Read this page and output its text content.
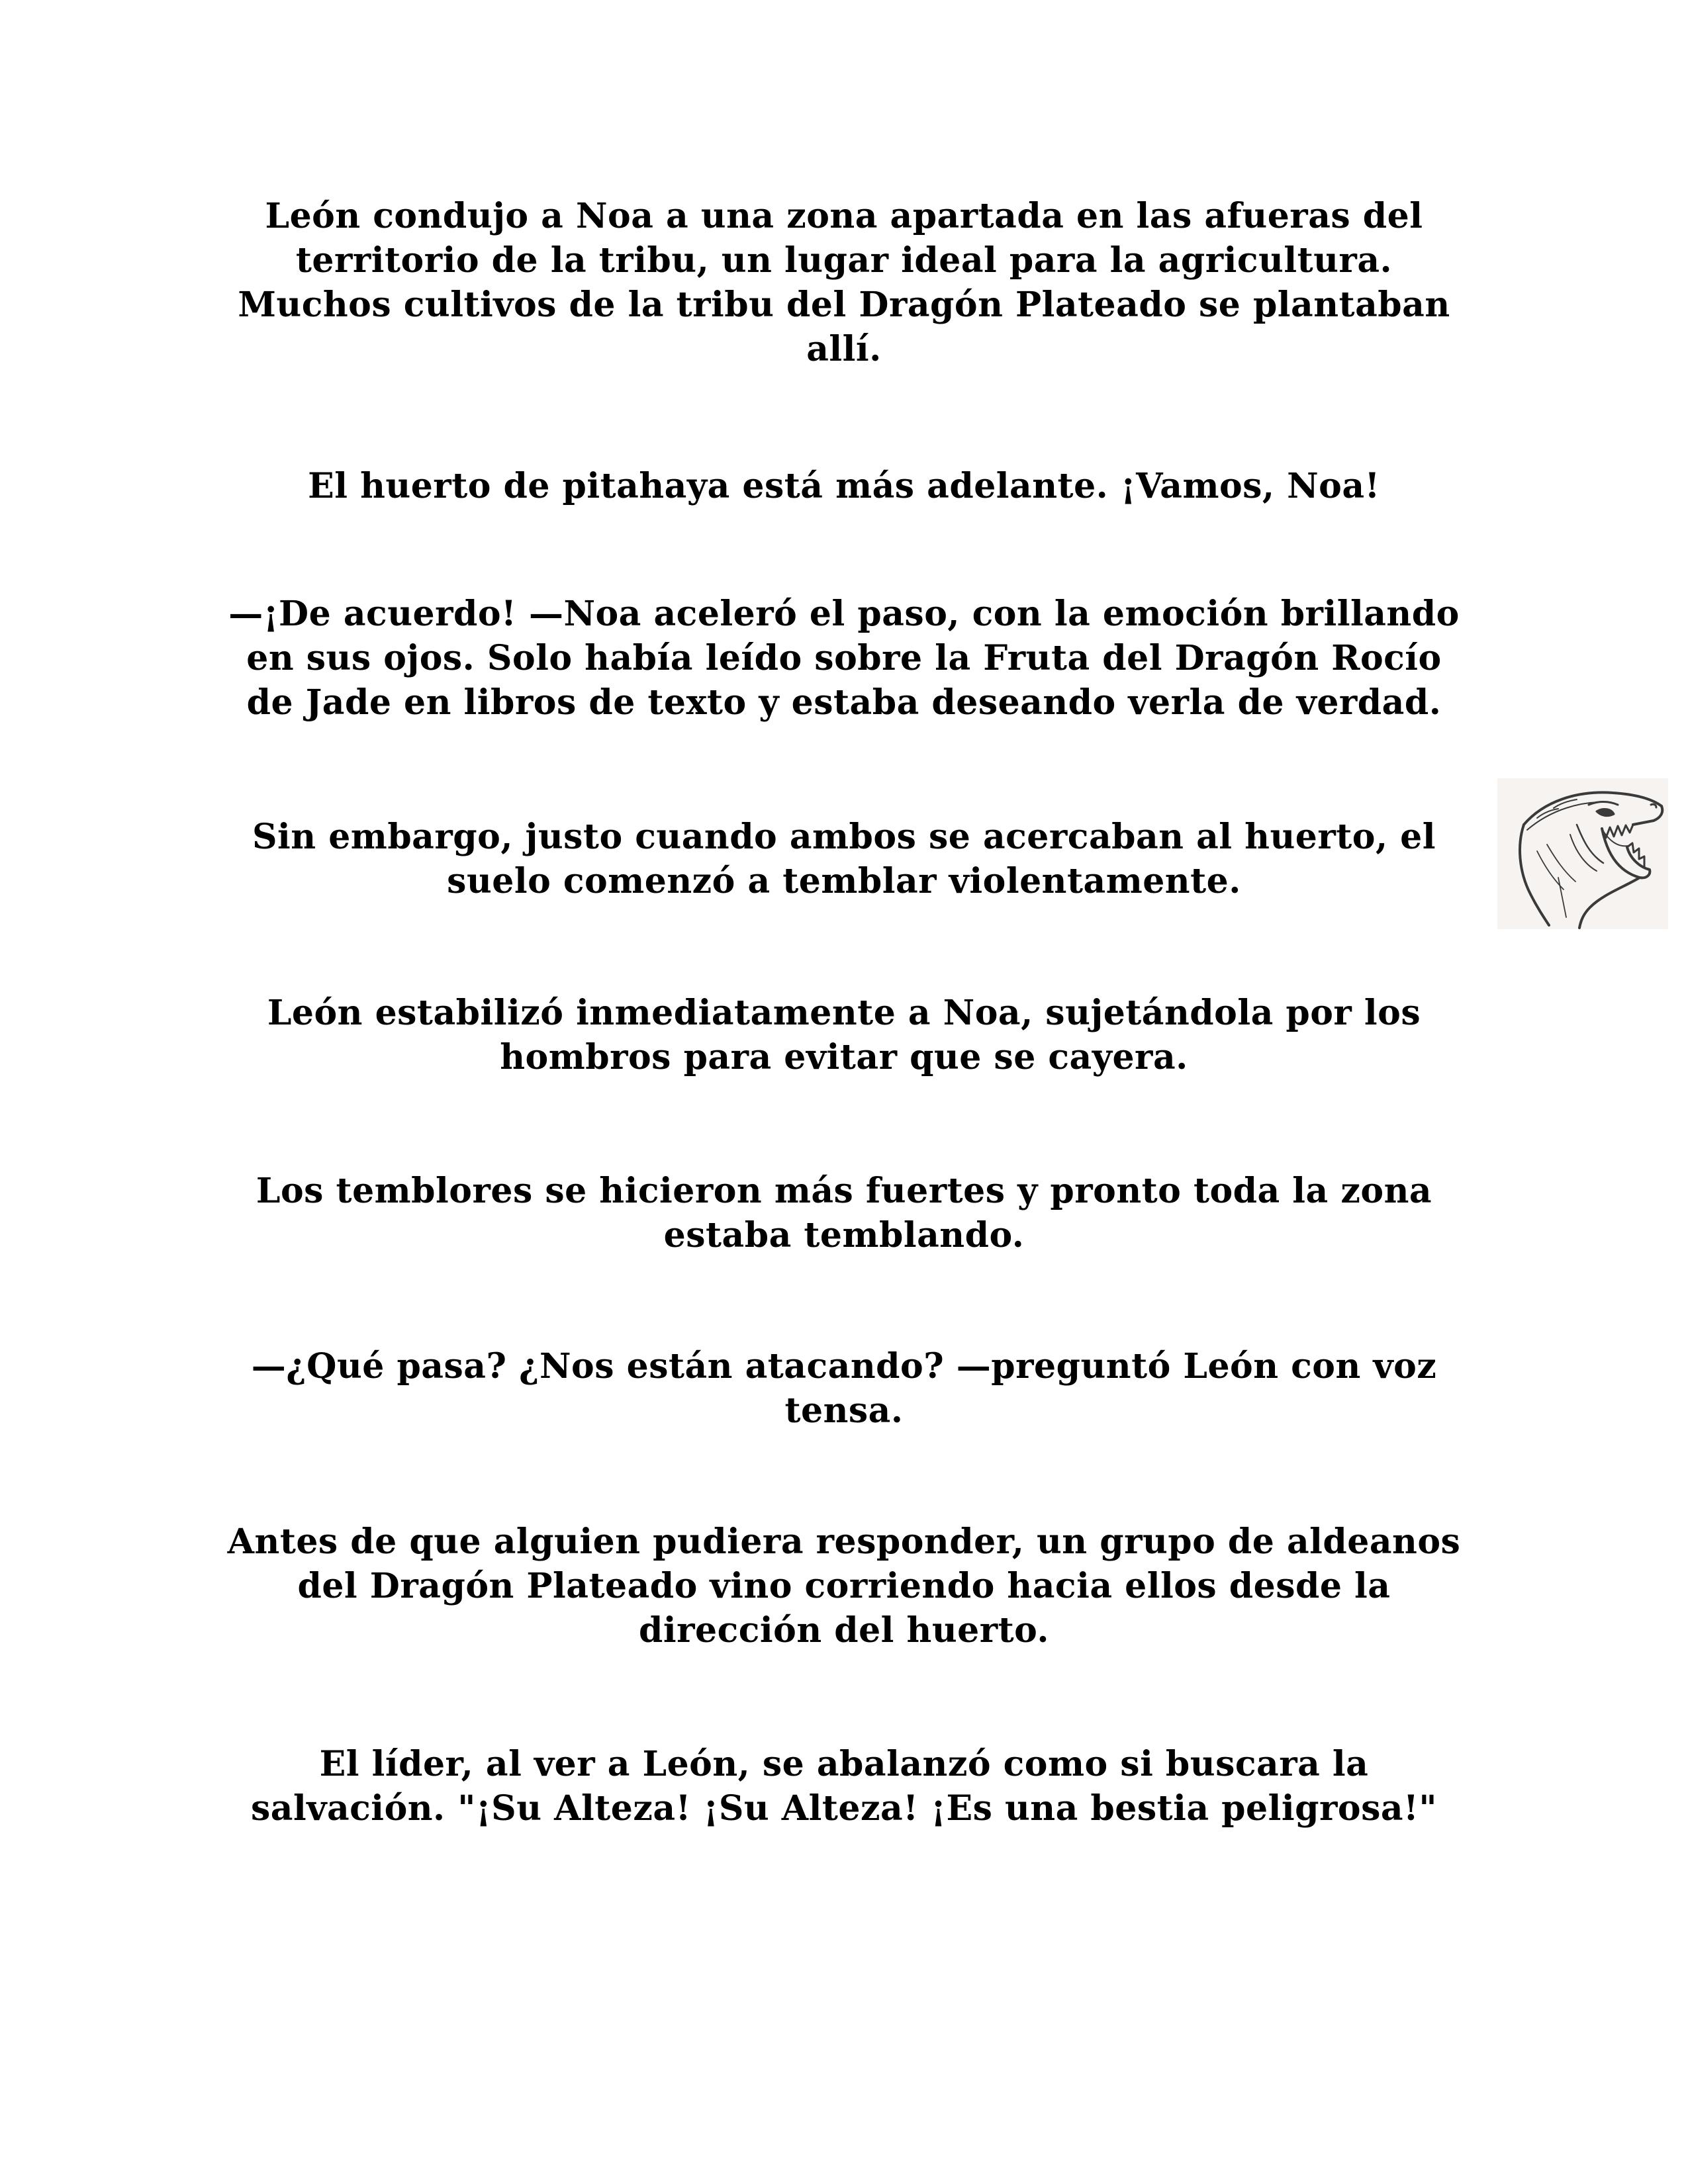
León condujo a Noa a una zona apartada en las afueras del
territorio de la tribu, un lugar ideal para la agricultura.
Muchos cultivos de la tribu del Dragón Plateado se plantaban
allí.
El huerto de pitahaya está más adelante. ¡Vamos, Noa!
—¡De acuerdo! —Noa aceleró el paso, con la emoción brillando
en sus ojos. Solo había leído sobre la Fruta del Dragón Rocío
de Jade en libros de texto y estaba deseando verla de verdad.
Sin embargo, justo cuando ambos se acercaban al huerto, el
suelo comenzó a temblar violentamente.
León estabilizó inmediatamente a Noa, sujetándola por los
hombros para evitar que se cayera.
Los temblores se hicieron más fuertes y pronto toda la zona
estaba temblando.
—¿Qué pasa? ¿Nos están atacando? —preguntó León con voz
tensa.
Antes de que alguien pudiera responder, un grupo de aldeanos
del Dragón Plateado vino corriendo hacia ellos desde la
dirección del huerto.
El líder, al ver a León, se abalanzó como si buscara la
salvación. "¡Su Alteza! ¡Su Alteza! ¡Es una bestia peligrosa!"
